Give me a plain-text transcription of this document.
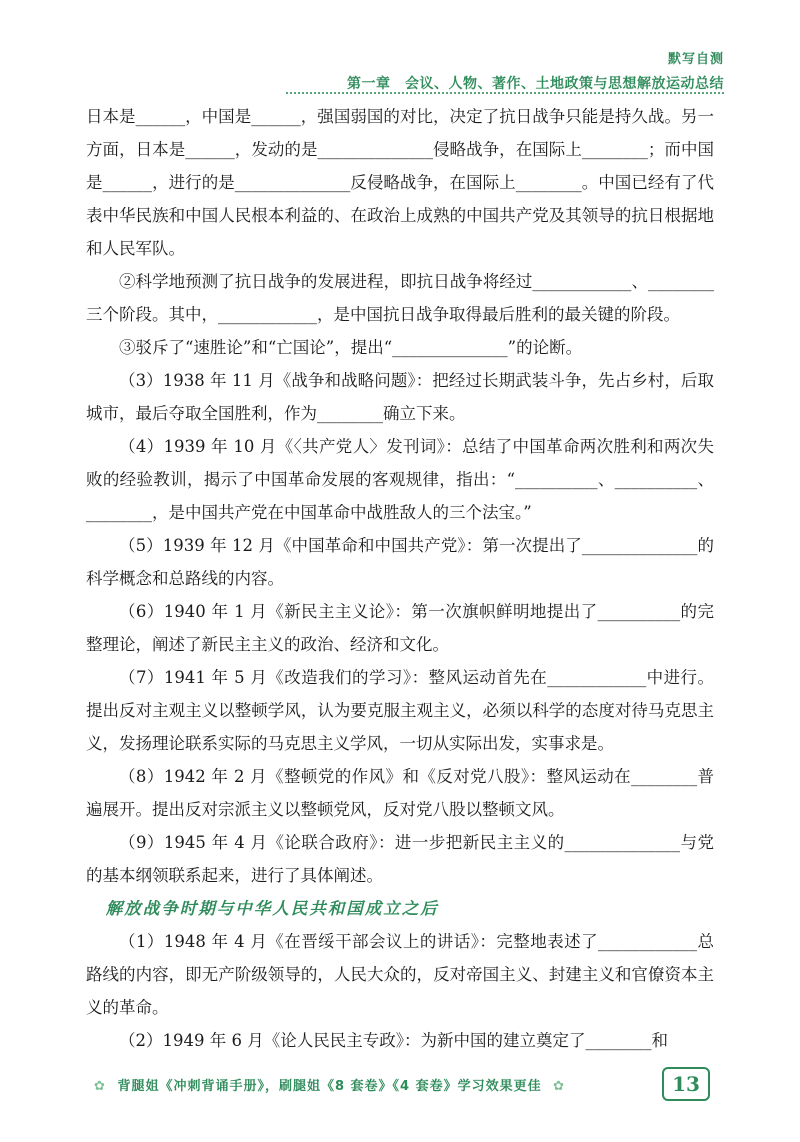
默写自测
第一章　会议、人物、著作、土地政策与思想解放运动总结

日本是______，中国是______，强国弱国的对比，决定了抗日战争只能是持久战。另一方面，日本是______，发动的是______________侵略战争，在国际上________；而中国是______，进行的是______________反侵略战争，在国际上________。中国已经有了代表中华民族和中国人民根本利益的、在政治上成熟的中国共产党及其领导的抗日根据地和人民军队。

②科学地预测了抗日战争的发展进程，即抗日战争将经过____________、________三个阶段。其中，____________，是中国抗日战争取得最后胜利的最关键的阶段。

③驳斥了“速胜论”和“亡国论”，提出“______________”的论断。

（3）1938 年 11 月《战争和战略问题》：把经过长期武装斗争，先占乡村，后取城市，最后夺取全国胜利，作为________确立下来。

（4）1939 年 10 月《〈共产党人〉发刊词》：总结了中国革命两次胜利和两次失败的经验教训，揭示了中国革命发展的客观规律，指出：“__________、__________、________，是中国共产党在中国革命中战胜敌人的三个法宝。”

（5）1939 年 12 月《中国革命和中国共产党》：第一次提出了______________的科学概念和总路线的内容。

（6）1940 年 1 月《新民主主义论》：第一次旗帜鲜明地提出了__________的完整理论，阐述了新民主主义的政治、经济和文化。

（7）1941 年 5 月《改造我们的学习》：整风运动首先在____________中进行。提出反对主观主义以整顿学风，认为要克服主观主义，必须以科学的态度对待马克思主义，发扬理论联系实际的马克思主义学风，一切从实际出发，实事求是。

（8）1942 年 2 月《整顿党的作风》和《反对党八股》：整风运动在________普遍展开。提出反对宗派主义以整顿党风，反对党八股以整顿文风。

（9）1945 年 4 月《论联合政府》：进一步把新民主主义的______________与党的基本纲领联系起来，进行了具体阐述。

解放战争时期与中华人民共和国成立之后

（1）1948 年 4 月《在晋绥干部会议上的讲话》：完整地表述了____________总路线的内容，即无产阶级领导的，人民大众的，反对帝国主义、封建主义和官僚资本主义的革命。

（2）1949 年 6 月《论人民民主专政》：为新中国的建立奠定了________和

✿ 背腿姐《冲刺背诵手册》，刷腿姐《8 套卷》《4 套卷》学习效果更佳 ✿	13
